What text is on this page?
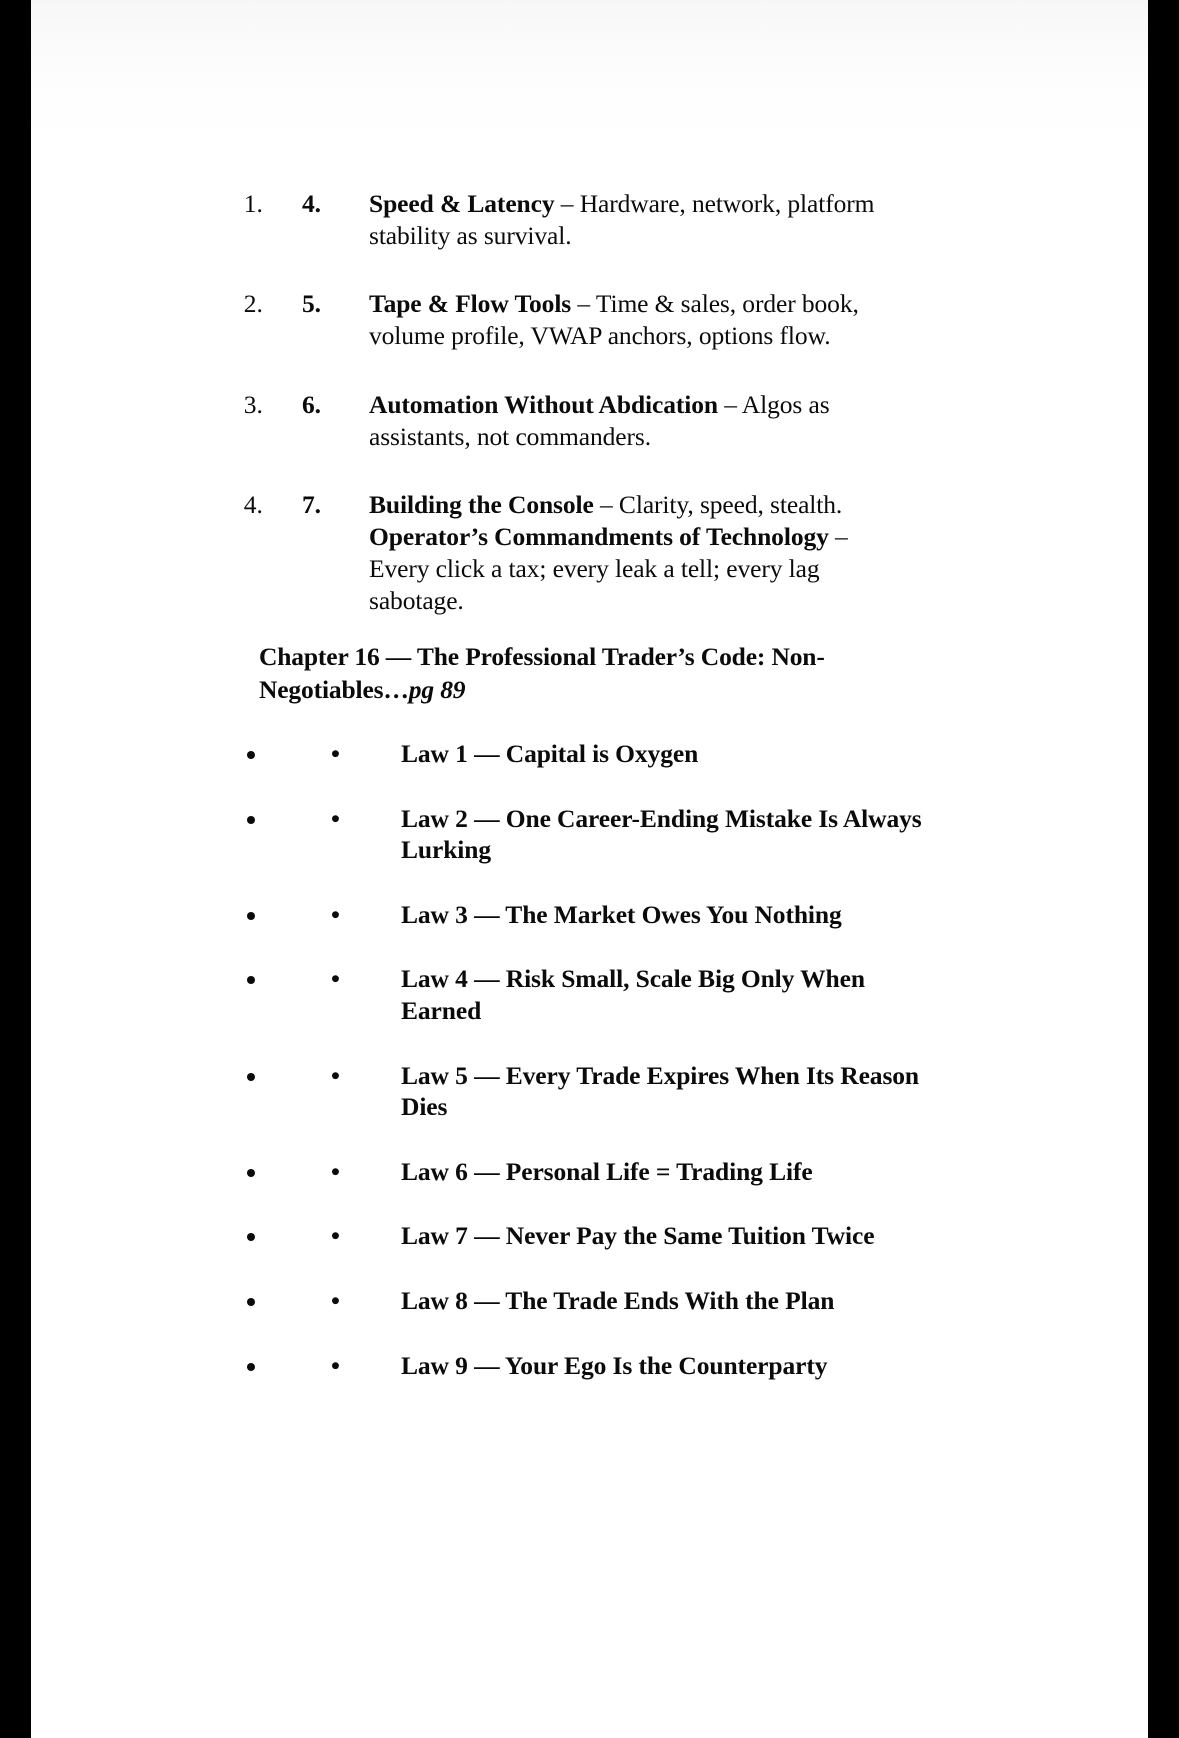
1. 4. Speed & Latency – Hardware, network, platform stability as survival.
2. 5. Tape & Flow Tools – Time & sales, order book, volume profile, VWAP anchors, options flow.
3. 6. Automation Without Abdication – Algos as assistants, not commanders.
4. 7. Building the Console – Clarity, speed, stealth. Operator’s Commandments of Technology – Every click a tax; every leak a tell; every lag sabotage.
Chapter 16 — The Professional Trader’s Code: Non-Negotiables…pg 89
• • Law 1 — Capital is Oxygen
• • Law 2 — One Career-Ending Mistake Is Always Lurking
• • Law 3 — The Market Owes You Nothing
• • Law 4 — Risk Small, Scale Big Only When Earned
• • Law 5 — Every Trade Expires When Its Reason Dies
• • Law 6 — Personal Life = Trading Life
• • Law 7 — Never Pay the Same Tuition Twice
• • Law 8 — The Trade Ends With the Plan
• • Law 9 — Your Ego Is the Counterparty
